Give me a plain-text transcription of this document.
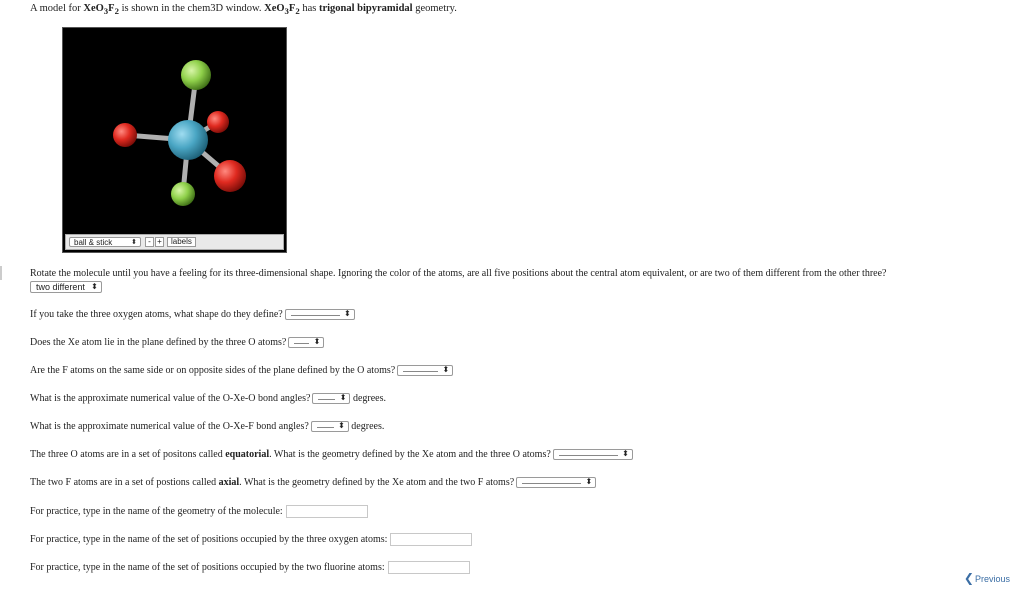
A model for $XeO_3F_2$ is shown in the chem3D window. $XeO_3F_2$ has trigonal bipyramidal geometry.
ball & stick	⬍	- +	labels
Rotate the molecule until you have a feeling for its three-dimensional shape. Ignoring the color of the atoms, are all five positions about the central atom equivalent, or are two of them different from the other three?
two different ⬍
If you take the three oxygen atoms, what shape do they define?	⬍
Does the Xe atom lie in the plane defined by the three O atoms?	⬍
Are the F atoms on the same side or on opposite sides of the plane defined by the O atoms?	⬍
What is the approximate numerical value of the O-Xe-O bond angles?	⬍ degrees.
What is the approximate numerical value of the O-Xe-F bond angles?	⬍ degrees.
The three O atoms are in a set of positons called equatorial. What is the geometry defined by the Xe atom and the three O atoms?	⬍
The two F atoms are in a set of postions called axial. What is the geometry defined by the Xe atom and the two F atoms?	⬍
For practice, type in the name of the geometry of the molecule:
For practice, type in the name of the set of positions occupied by the three oxygen atoms:
For practice, type in the name of the set of positions occupied by the two fluorine atoms:
❮Previous
